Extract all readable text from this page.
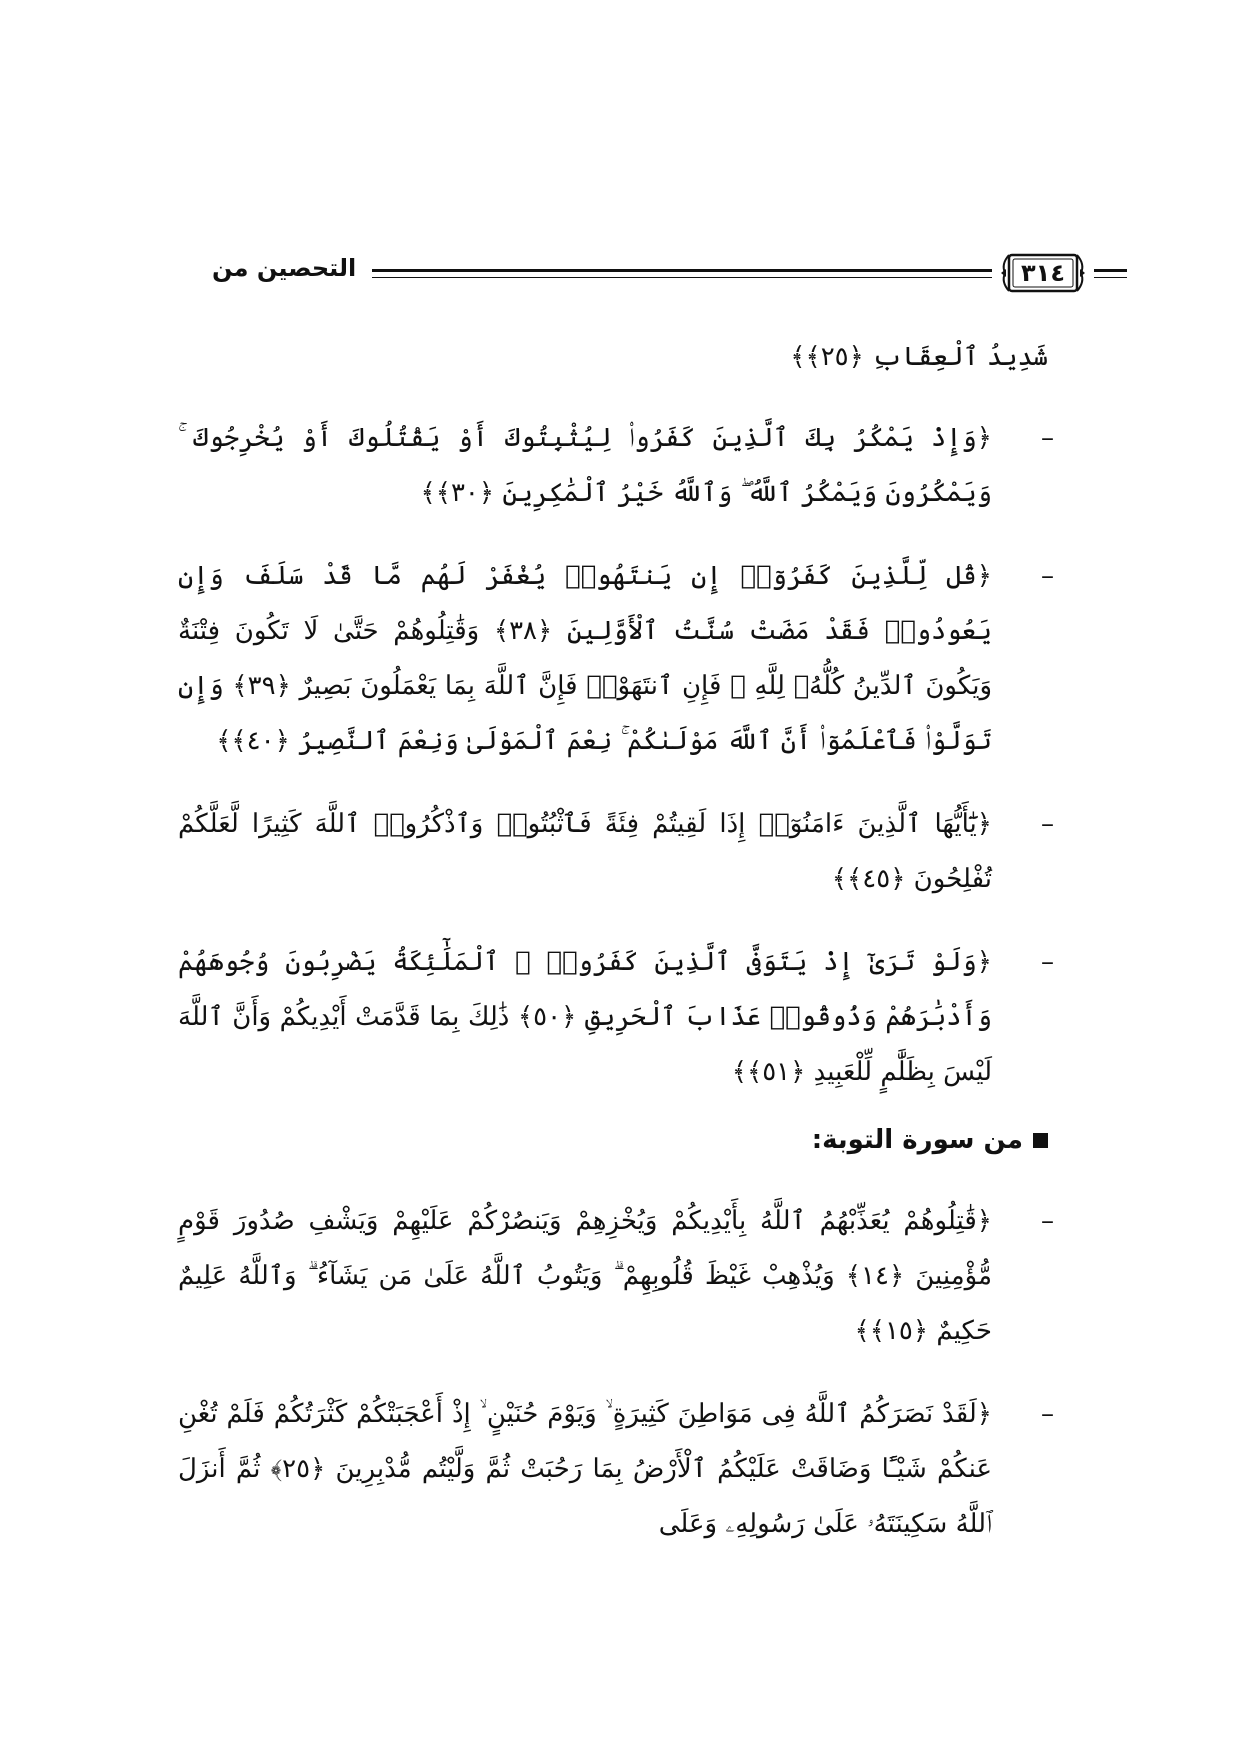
التحصين من	٣١٤
شَدِيدُ ٱلْعِقَابِ ﴿٢٥﴾﴾
–
﴿وَإِذْ يَمْكُرُ بِكَ ٱلَّذِينَ كَفَرُوا۟ لِيُثْبِتُوكَ أَوْ يَقْتُلُوكَ أَوْ يُخْرِجُوكَ ۚ وَيَمْكُرُونَ وَيَمْكُرُ ٱللَّهُ ۖ وَٱللَّهُ خَيْرُ ٱلْمَٰكِرِينَ ﴿٣٠﴾﴾
–
﴿قُل لِّلَّذِينَ كَفَرُوٓا۟ إِن يَنتَهُوا۟ يُغْفَرْ لَهُم مَّا قَدْ سَلَفَ وَإِن يَعُودُوا۟ فَقَدْ مَضَتْ سُنَّتُ ٱلْأَوَّلِينَ ﴿٣٨﴾ وَقَٰتِلُوهُمْ حَتَّىٰ لَا تَكُونَ فِتْنَةٌ وَيَكُونَ ٱلدِّينُ كُلُّهُۥ لِلَّهِ ۚ فَإِنِ ٱنتَهَوْا۟ فَإِنَّ ٱللَّهَ بِمَا يَعْمَلُونَ بَصِيرٌ ﴿٣٩﴾ وَإِن تَوَلَّوْا۟ فَٱعْلَمُوٓا۟ أَنَّ ٱللَّهَ مَوْلَىٰكُمْ ۚ نِعْمَ ٱلْمَوْلَىٰ وَنِعْمَ ٱلنَّصِيرُ ﴿٤٠﴾﴾
–
﴿يَٰٓأَيُّهَا ٱلَّذِينَ ءَامَنُوٓا۟ إِذَا لَقِيتُمْ فِئَةً فَٱثْبُتُوا۟ وَٱذْكُرُوا۟ ٱللَّهَ كَثِيرًا لَّعَلَّكُمْ تُفْلِحُونَ ﴿٤٥﴾﴾
–
﴿وَلَوْ تَرَىٰٓ إِذْ يَتَوَفَّى ٱلَّذِينَ كَفَرُوا۟ ۙ ٱلْمَلَٰٓئِكَةُ يَضْرِبُونَ وُجُوهَهُمْ وَأَدْبَٰرَهُمْ وَذُوقُوا۟ عَذَابَ ٱلْحَرِيقِ ﴿٥٠﴾ ذَٰلِكَ بِمَا قَدَّمَتْ أَيْدِيكُمْ وَأَنَّ ٱللَّهَ لَيْسَ بِظَلَّٰمٍ لِّلْعَبِيدِ ﴿٥١﴾﴾
من سورة التوبة:
–
﴿قَٰتِلُوهُمْ يُعَذِّبْهُمُ ٱللَّهُ بِأَيْدِيكُمْ وَيُخْزِهِمْ وَيَنصُرْكُمْ عَلَيْهِمْ وَيَشْفِ صُدُورَ قَوْمٍ مُّؤْمِنِينَ ﴿١٤﴾ وَيُذْهِبْ غَيْظَ قُلُوبِهِمْ ۗ وَيَتُوبُ ٱللَّهُ عَلَىٰ مَن يَشَآءُ ۗ وَٱللَّهُ عَلِيمٌ حَكِيمٌ ﴿١٥﴾﴾
–
﴿لَقَدْ نَصَرَكُمُ ٱللَّهُ فِى مَوَاطِنَ كَثِيرَةٍ ۙ وَيَوْمَ حُنَيْنٍ ۙ إِذْ أَعْجَبَتْكُمْ كَثْرَتُكُمْ فَلَمْ تُغْنِ عَنكُمْ شَيْـًٔا وَضَاقَتْ عَلَيْكُمُ ٱلْأَرْضُ بِمَا رَحُبَتْ ثُمَّ وَلَّيْتُم مُّدْبِرِينَ ﴿٢٥﴾ ثُمَّ أَنزَلَ ٱللَّهُ سَكِينَتَهُۥ عَلَىٰ رَسُولِهِۦ وَعَلَى
